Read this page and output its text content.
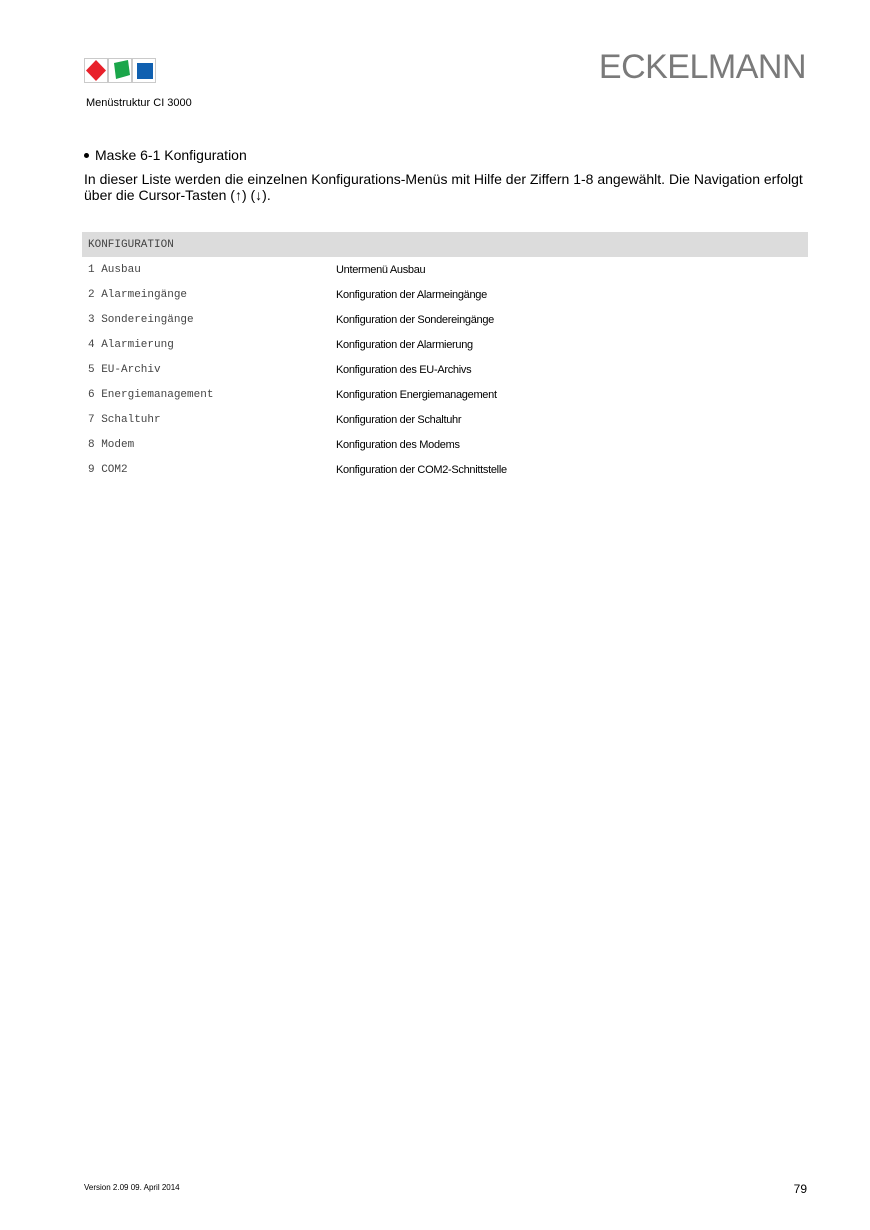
ECKELMANN
Menüstruktur CI 3000
Maske 6-1 Konfiguration

In dieser Liste werden die einzelnen Konfigurations-Menüs mit Hilfe der Ziffern 1-8 angewählt. Die Navigation erfolgt über die Cursor-Tasten (↑) (↓).

KONFIGURATION
1 Ausbau	Untermenü Ausbau
2 Alarmeingänge	Konfiguration der Alarmeingänge
3 Sondereingänge	Konfiguration der Sondereingänge
4 Alarmierung	Konfiguration der Alarmierung
5 EU-Archiv	Konfiguration des EU-Archivs
6 Energiemanagement	Konfiguration Energiemanagement
7 Schaltuhr	Konfiguration der Schaltuhr
8 Modem	Konfiguration des Modems
9 COM2	Konfiguration der COM2-Schnittstelle
Version 2.09 09. April 2014	79
